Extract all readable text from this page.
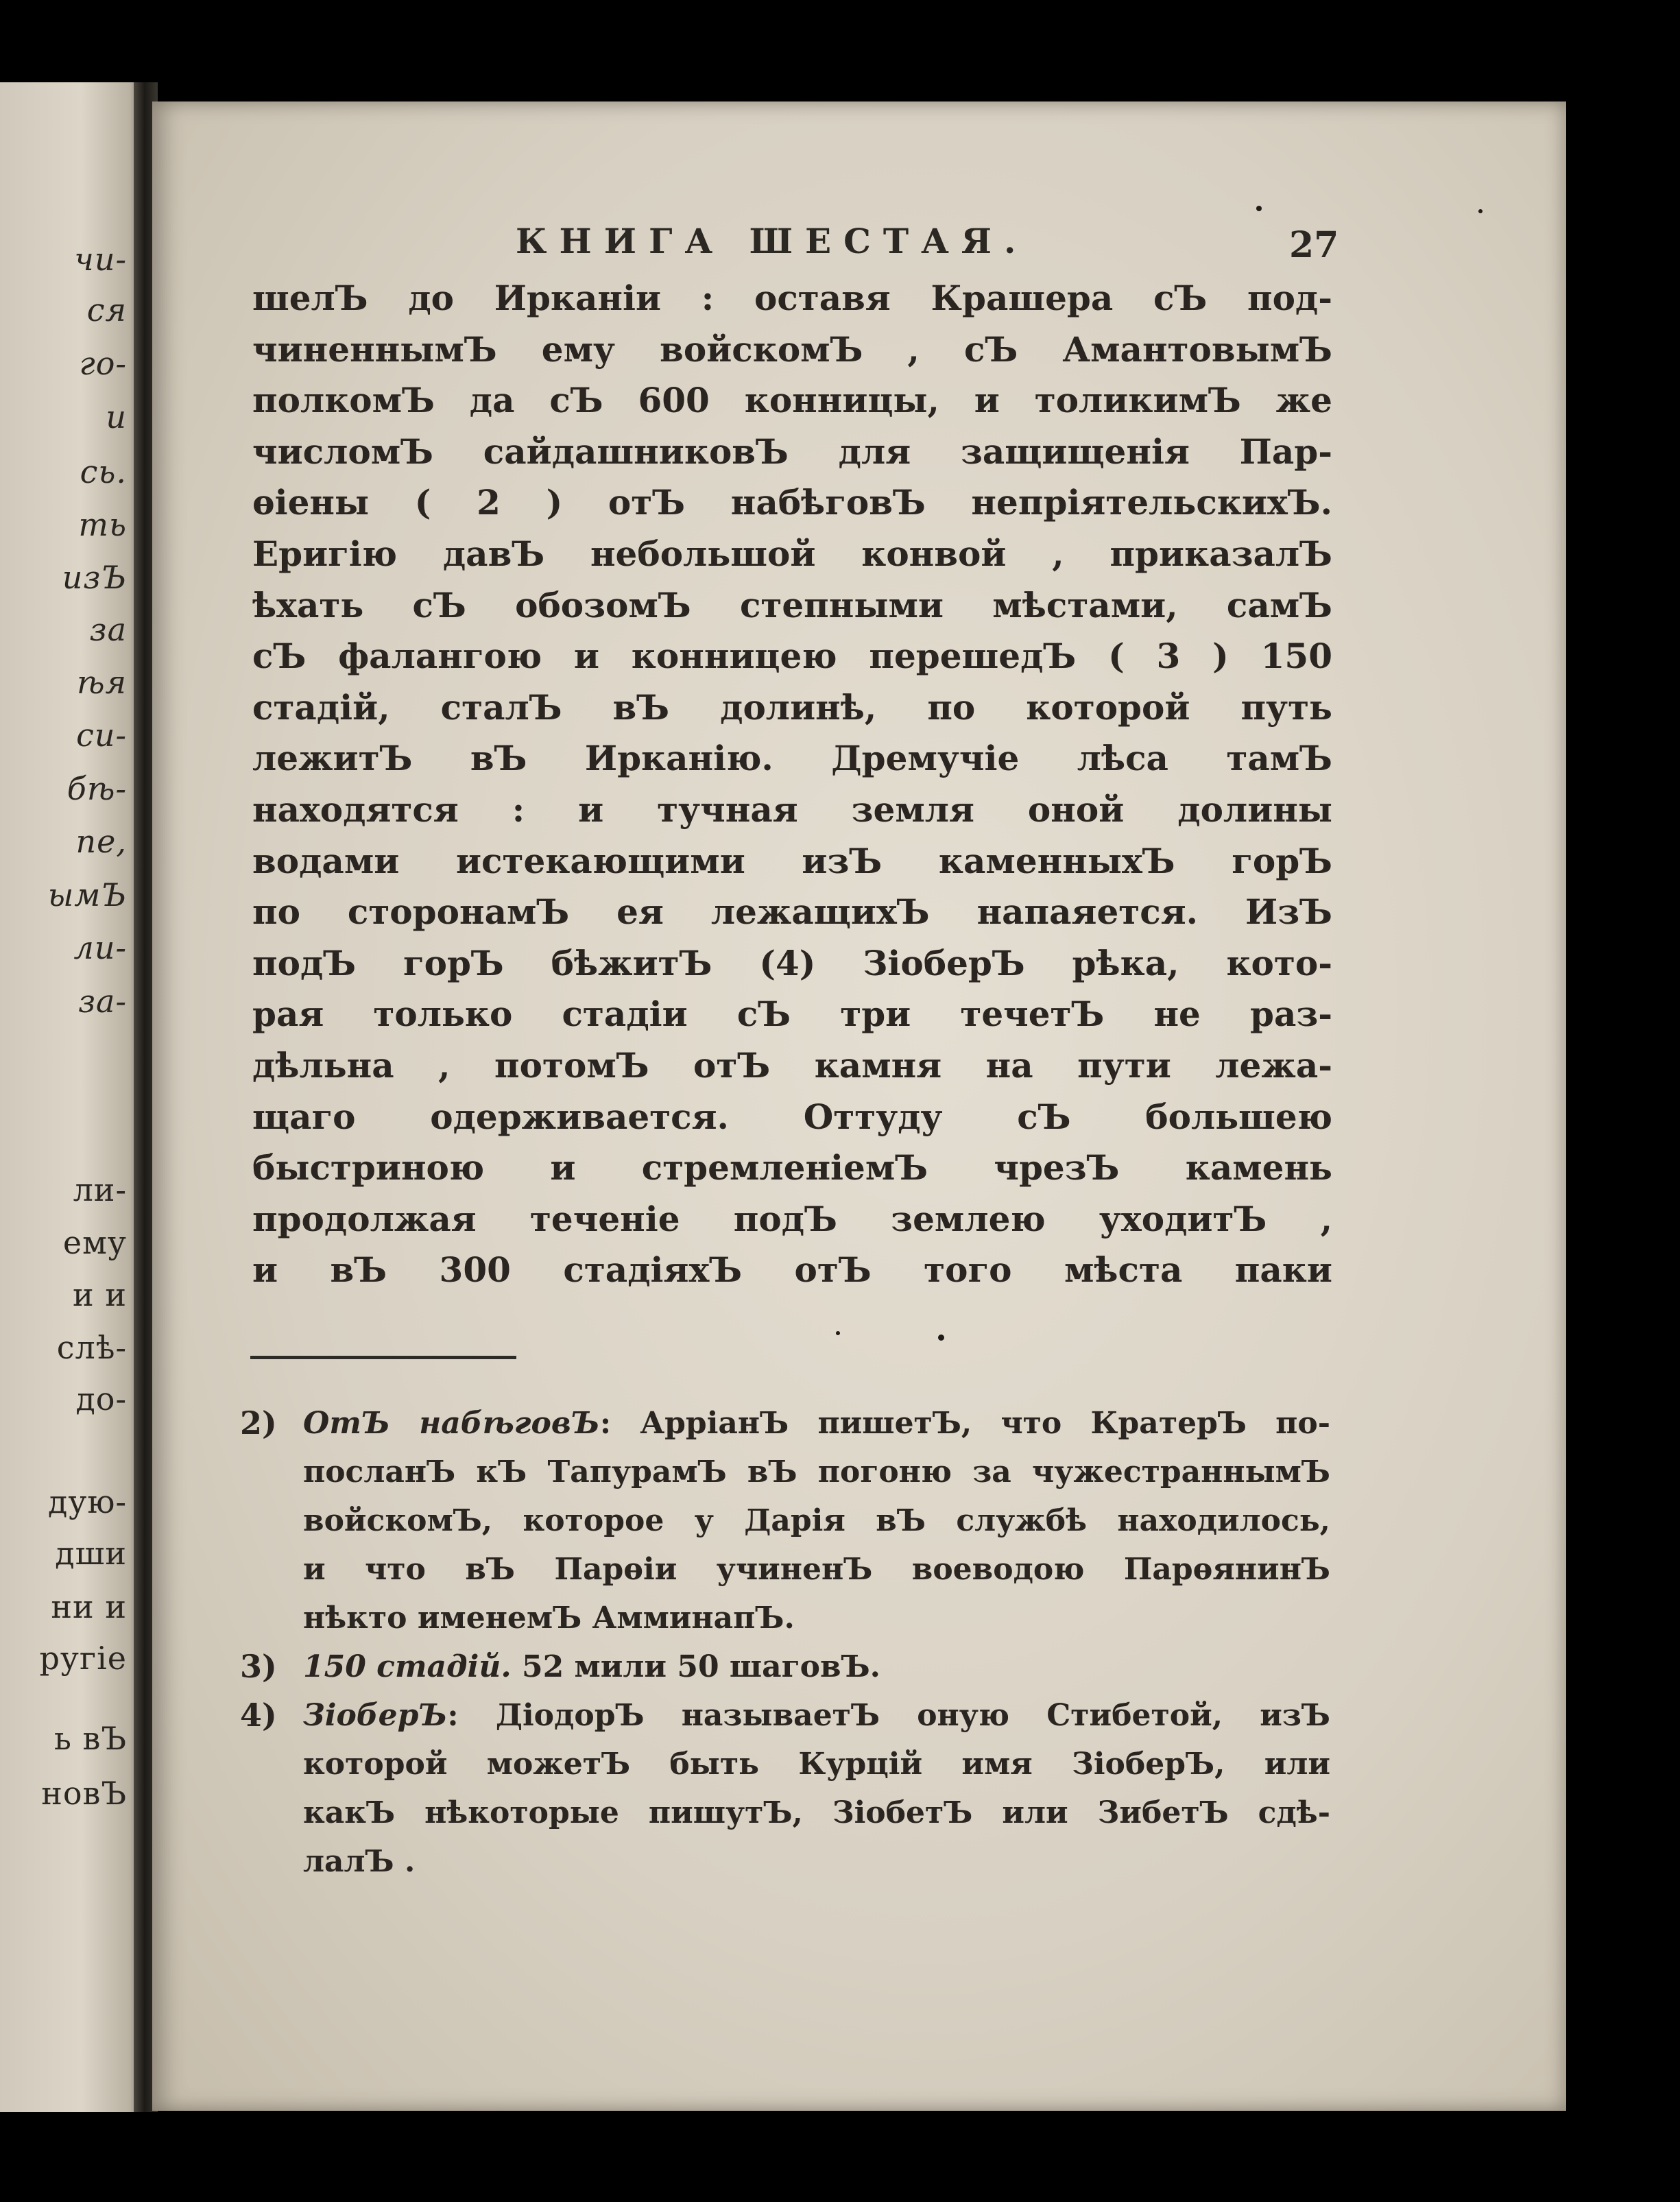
чи-
ся
го-
и
сь.
ть
изЪ
за
ѣя
си-
бѣ-
пе,
ымЪ
ли-
за-
ли-
ему
и и
слѣ-
до-
дую-
дши
ни и
ругіе
ь вЪ
новЪ
КНИГА ШЕСТАЯ.	27
шелЪ до Ирканіи : оставя Крашера сЪ под-
чиненнымЪ ему войскомЪ , сЪ АмантовымЪ
полкомЪ да сЪ 600 конницы, и толикимЪ же
числомЪ сайдашниковЪ для защищенія Пар-
ѳіены ( 2 ) отЪ набѣговЪ непріятельскихЪ.
Еригію давЪ небольшой конвой , приказалЪ
ѣхать сЪ обозомЪ степными мѣстами, самЪ
сЪ фалангою и конницею перешедЪ ( 3 ) 150
стадій, сталЪ вЪ долинѣ, по которой путь
лежитЪ вЪ Ирканію. Дремучіе лѣса тамЪ
находятся : и тучная земля оной долины
водами истекающими изЪ каменныхЪ горЪ
по сторонамЪ ея лежащихЪ напаяется. ИзЪ
подЪ горЪ бѣжитЪ (4) ЗіоберЪ рѣка, кото-
рая только стадіи сЪ три течетЪ не раз-
дѣльна , потомЪ отЪ камня на пути лежа-
щаго одерживается. Оттуду сЪ большею
быстриною и стремленіемЪ чрезЪ камень
продолжая теченіе подЪ землею уходитЪ ,
и вЪ 300 стадіяхЪ отЪ того мѣста паки
2) ОтЪ набѣговЪ: АрріанЪ пишетЪ, что КратерЪ по-
посланЪ кЪ ТапурамЪ вЪ погоню за чужестраннымЪ
войскомЪ, которое у Дарія вЪ службѣ находилось,
и что вЪ Парѳіи учиненЪ воеводою ПарѳянинЪ
нѣкто именемЪ АмминапЪ.
3) 150 стадій. 52 мили 50 шаговЪ.
4) ЗіоберЪ: ДіодорЪ называетЪ оную Стибетой, изЪ
которой можетЪ быть Курцій имя ЗіоберЪ, или
какЪ нѣкоторые пишутЪ, ЗіобетЪ или ЗибетЪ сдѣ-
лалЪ .
